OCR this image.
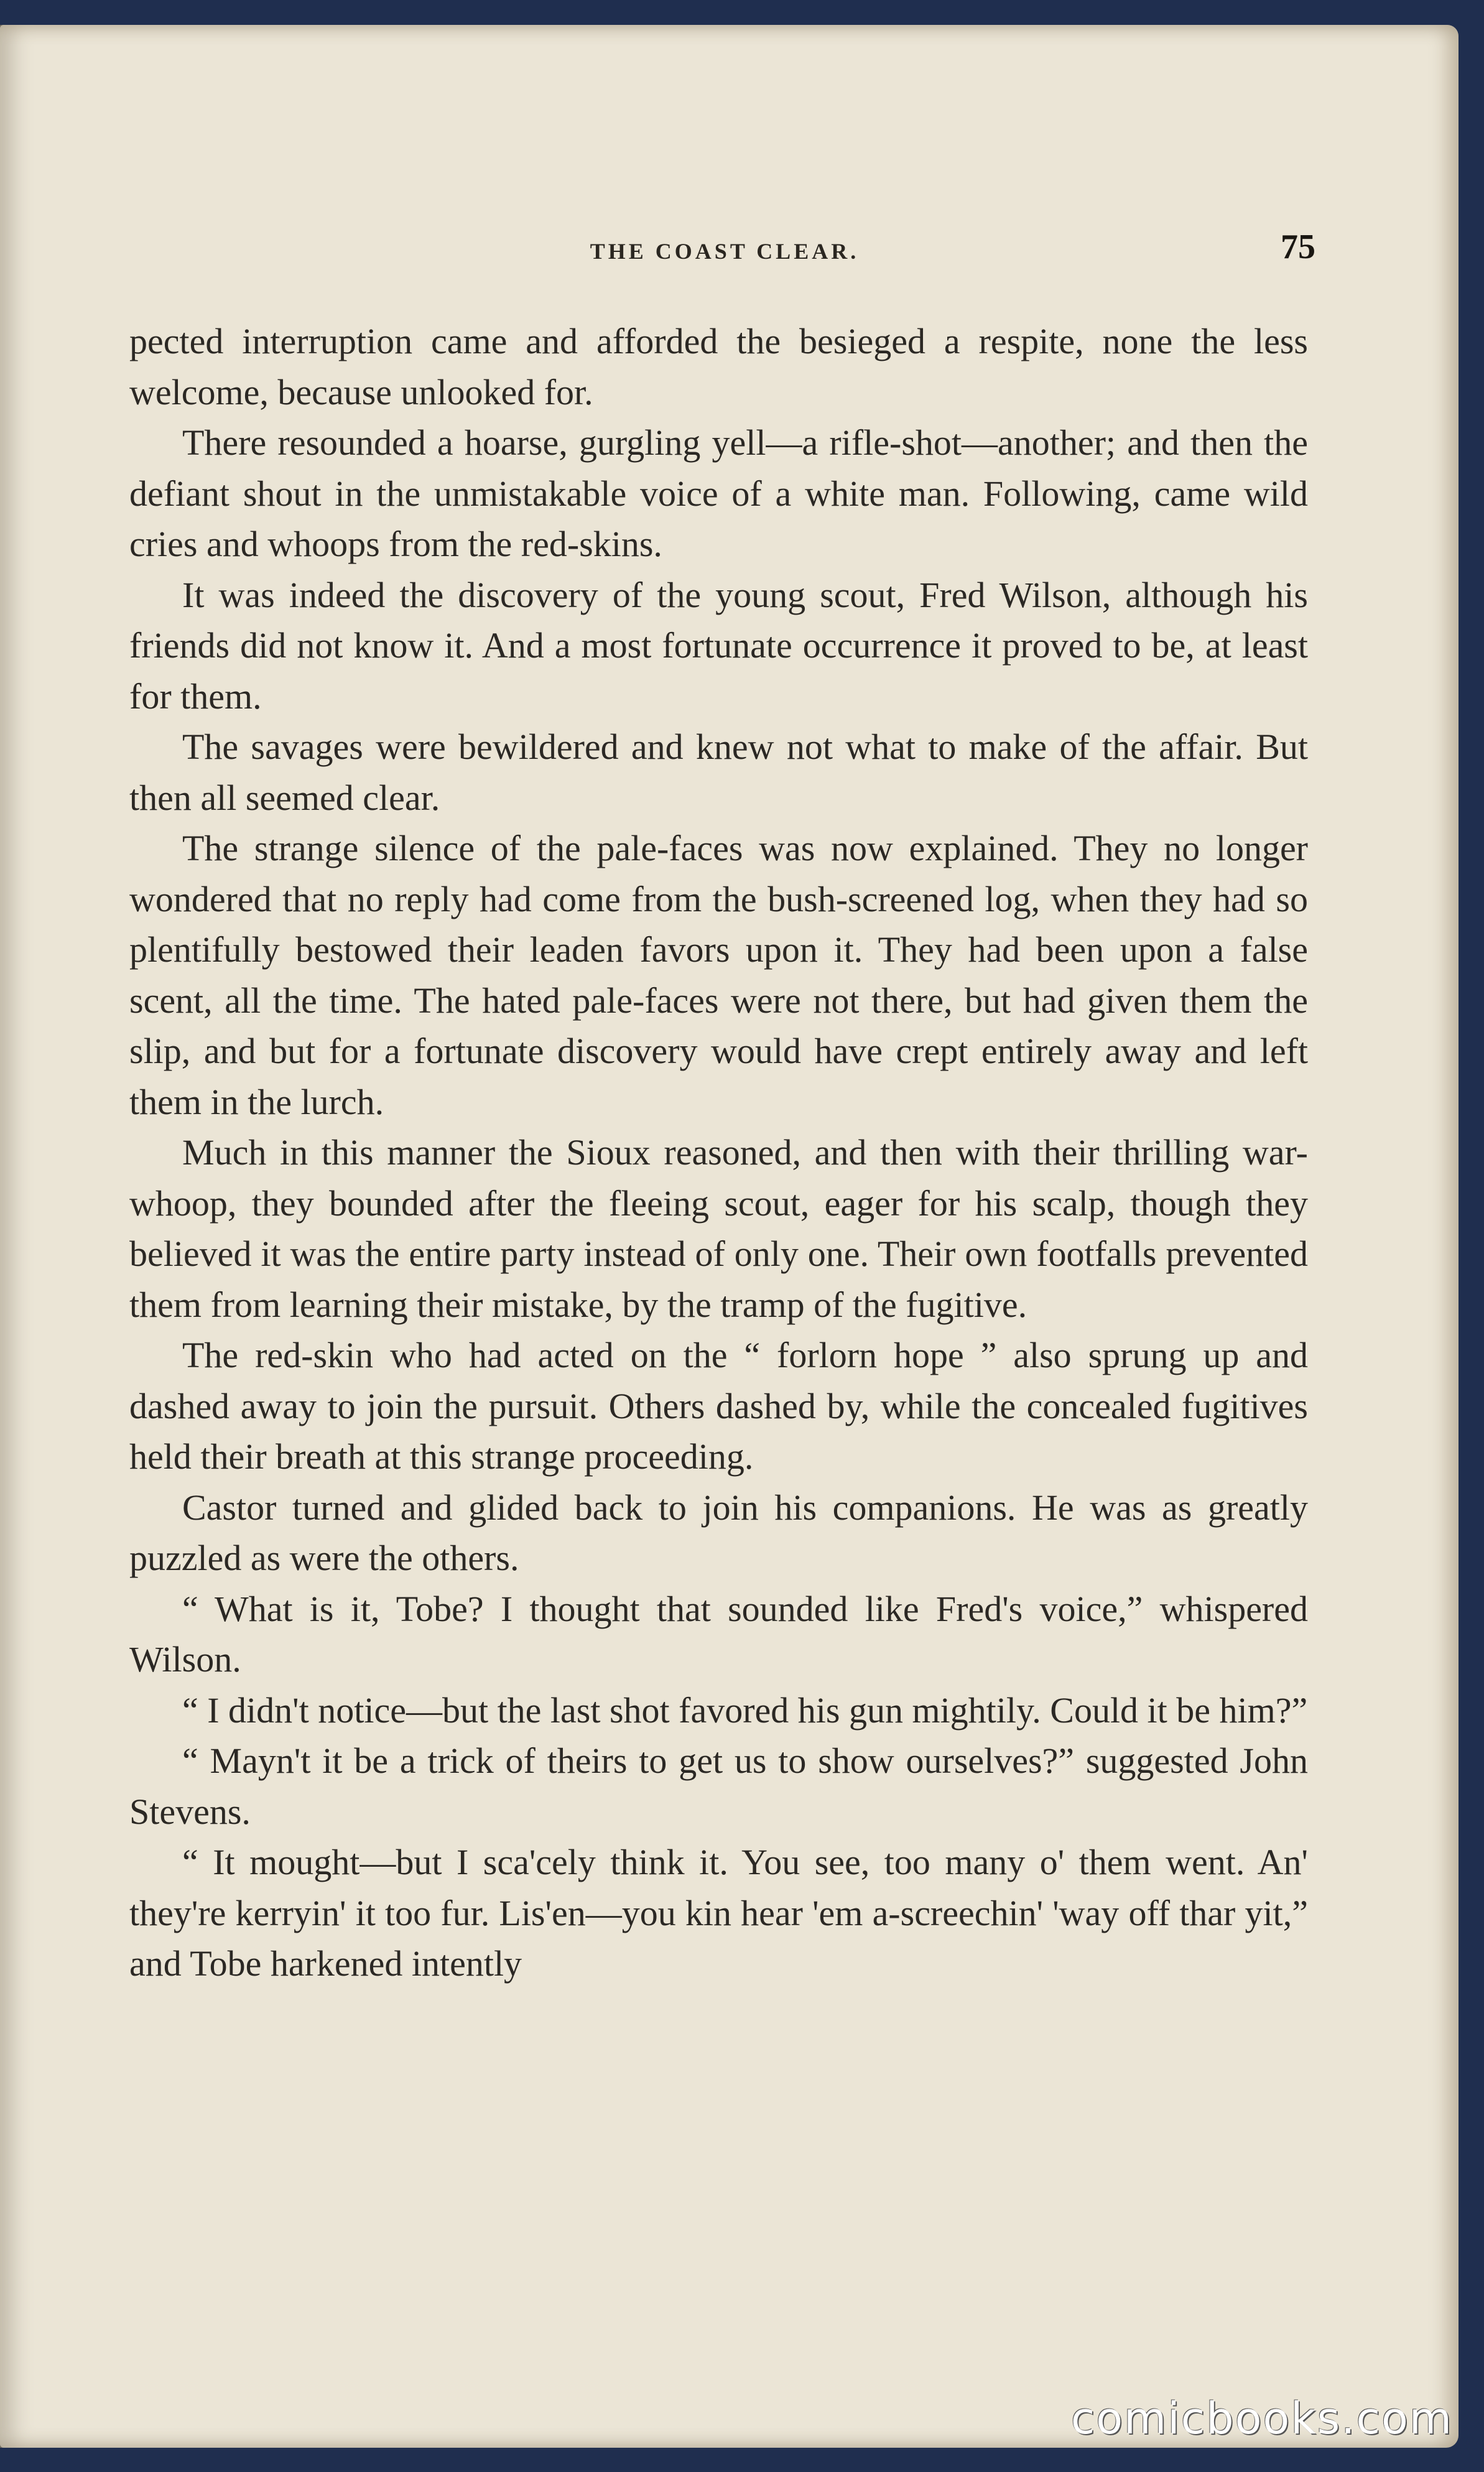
THE COAST CLEAR.	75

pected interruption came and afforded the besieged a respite, none the less welcome, because unlooked for.

There resounded a hoarse, gurgling yell—a rifle-shot—another; and then the defiant shout in the unmistakable voice of a white man. Following, came wild cries and whoops from the red-skins.

It was indeed the discovery of the young scout, Fred Wilson, although his friends did not know it. And a most fortunate occurrence it proved to be, at least for them.

The savages were bewildered and knew not what to make of the affair. But then all seemed clear.

The strange silence of the pale-faces was now explained. They no longer wondered that no reply had come from the bush-screened log, when they had so plentifully bestowed their leaden favors upon it. They had been upon a false scent, all the time. The hated pale-faces were not there, but had given them the slip, and but for a fortunate discovery would have crept entirely away and left them in the lurch.

Much in this manner the Sioux reasoned, and then with their thrilling war-whoop, they bounded after the fleeing scout, eager for his scalp, though they believed it was the entire party instead of only one. Their own footfalls prevented them from learning their mistake, by the tramp of the fugitive.

The red-skin who had acted on the “ forlorn hope ” also sprung up and dashed away to join the pursuit. Others dashed by, while the concealed fugitives held their breath at this strange proceeding.

Castor turned and glided back to join his companions. He was as greatly puzzled as were the others.

“ What is it, Tobe? I thought that sounded like Fred's voice,” whispered Wilson.

“ I didn't notice—but the last shot favored his gun mightily. Could it be him?”

“ Mayn't it be a trick of theirs to get us to show ourselves?” suggested John Stevens.

“ It mought—but I sca'cely think it. You see, too many o' them went. An' they're kerryin' it too fur. Lis'en—you kin hear 'em a-screechin' 'way off thar yit,” and Tobe harkened intently

comicbooks.com
